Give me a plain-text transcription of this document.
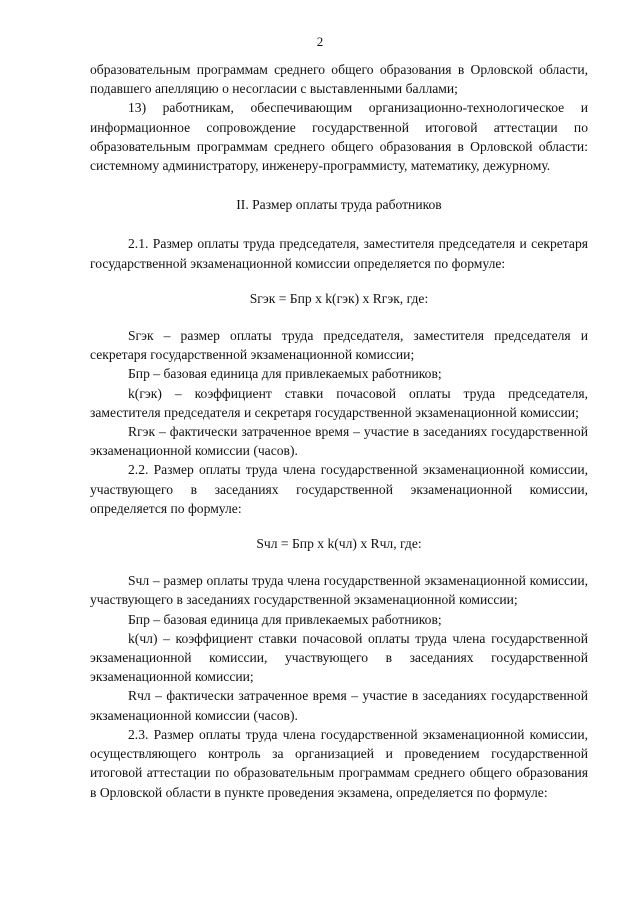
2

образовательным программам среднего общего образования в Орловской области, подавшего апелляцию о несогласии с выставленными баллами;

13) работникам, обеспечивающим организационно-технологическое и информационное сопровождение государственной итоговой аттестации по образовательным программам среднего общего образования в Орловской области: системному администратору, инженеру-программисту, математику, дежурному.

II. Размер оплаты труда работников

2.1. Размер оплаты труда председателя, заместителя председателя и секретаря государственной экзаменационной комиссии определяется по формуле:

Sгэк = Бпр х k(гэк) х Rгэк, где:

Sгэк – размер оплаты труда председателя, заместителя председателя и секретаря государственной экзаменационной комиссии;

Бпр – базовая единица для привлекаемых работников;

k(гэк) – коэффициент ставки почасовой оплаты труда председателя, заместителя председателя и секретаря государственной экзаменационной комиссии;

Rгэк – фактически затраченное время – участие в заседаниях государственной экзаменационной комиссии (часов).

2.2. Размер оплаты труда члена государственной экзаменационной комиссии, участвующего в заседаниях государственной экзаменационной комиссии, определяется по формуле:

Sчл = Бпр х k(чл) х Rчл, где:

Sчл – размер оплаты труда члена государственной экзаменационной комиссии, участвующего в заседаниях государственной экзаменационной комиссии;

Бпр – базовая единица для привлекаемых работников;

k(чл) – коэффициент ставки почасовой оплаты труда члена государственной экзаменационной комиссии, участвующего в заседаниях государственной экзаменационной комиссии;

Rчл – фактически затраченное время – участие в заседаниях государственной экзаменационной комиссии (часов).

2.3. Размер оплаты труда члена государственной экзаменационной комиссии, осуществляющего контроль за организацией и проведением государственной итоговой аттестации по образовательным программам среднего общего образования в Орловской области в пункте проведения экзамена, определяется по формуле:
